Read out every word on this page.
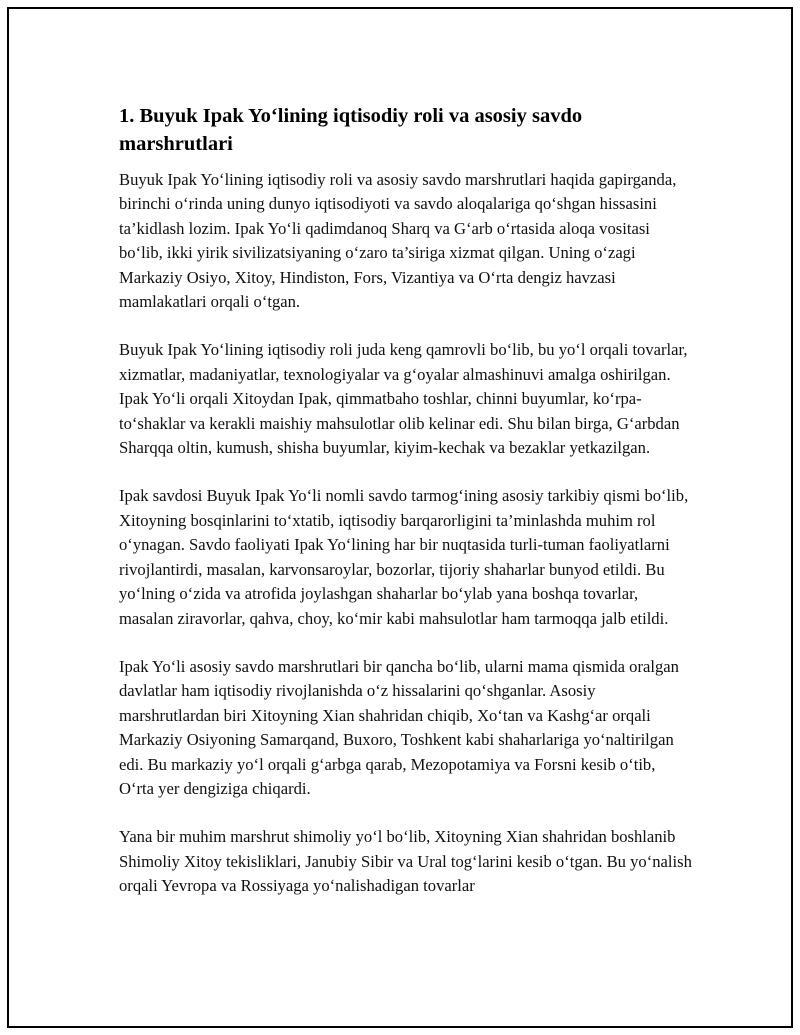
1. Buyuk Ipak Yo‘lining iqtisodiy roli va asosiy savdo marshrutlari

Buyuk Ipak Yo‘lining iqtisodiy roli va asosiy savdo marshrutlari haqida gapirganda, birinchi o‘rinda uning dunyo iqtisodiyoti va savdo aloqalariga qo‘shgan hissasini ta’kidlash lozim. Ipak Yo‘li qadimdanoq Sharq va G‘arb o‘rtasida aloqa vositasi bo‘lib, ikki yirik sivilizatsiyaning o‘zaro ta’siriga xizmat qilgan. Uning o‘zagi Markaziy Osiyo, Xitoy, Hindiston, Fors, Vizantiya va O‘rta dengiz havzasi mamlakatlari orqali o‘tgan.

Buyuk Ipak Yo‘lining iqtisodiy roli juda keng qamrovli bo‘lib, bu yo‘l orqali tovarlar, xizmatlar, madaniyatlar, texnologiyalar va g‘oyalar almashinuvi amalga oshirilgan. Ipak Yo‘li orqali Xitoydan Ipak, qimmatbaho toshlar, chinni buyumlar, ko‘rpa-to‘shaklar va kerakli maishiy mahsulotlar olib kelinar edi. Shu bilan birga, G‘arbdan Sharqqa oltin, kumush, shisha buyumlar, kiyim-kechak va bezaklar yetkazilgan.

Ipak savdosi Buyuk Ipak Yo‘li nomli savdo tarmog‘ining asosiy tarkibiy qismi bo‘lib, Xitoyning bosqinlarini to‘xtatib, iqtisodiy barqarorligini ta’minlashda muhim rol o‘ynagan. Savdo faoliyati Ipak Yo‘lining har bir nuqtasida turli-tuman faoliyatlarni rivojlantirdi, masalan, karvonsaroylar, bozorlar, tijoriy shaharlar bunyod etildi. Bu yo‘lning o‘zida va atrofida joylashgan shaharlar bo‘ylab yana boshqa tovarlar, masalan ziravorlar, qahva, choy, ko‘mir kabi mahsulotlar ham tarmoqqa jalb etildi.

Ipak Yo‘li asosiy savdo marshrutlari bir qancha bo‘lib, ularni mama qismida oralgan davlatlar ham iqtisodiy rivojlanishda o‘z hissalarini qo‘shganlar. Asosiy marshrutlardan biri Xitoyning Xian shahridan chiqib, Xo‘tan va Kashg‘ar orqali Markaziy Osiyoning Samarqand, Buxoro, Toshkent kabi shaharlariga yo‘naltirilgan edi. Bu markaziy yo‘l orqali g‘arbga qarab, Mezopotamiya va Forsni kesib o‘tib, O‘rta yer dengiziga chiqardi.

Yana bir muhim marshrut shimoliy yo‘l bo‘lib, Xitoyning Xian shahridan boshlanib Shimoliy Xitoy tekisliklari, Janubiy Sibir va Ural tog‘larini kesib o‘tgan. Bu yo‘nalish orqali Yevropa va Rossiyaga yo‘nalishadigan tovarlar
